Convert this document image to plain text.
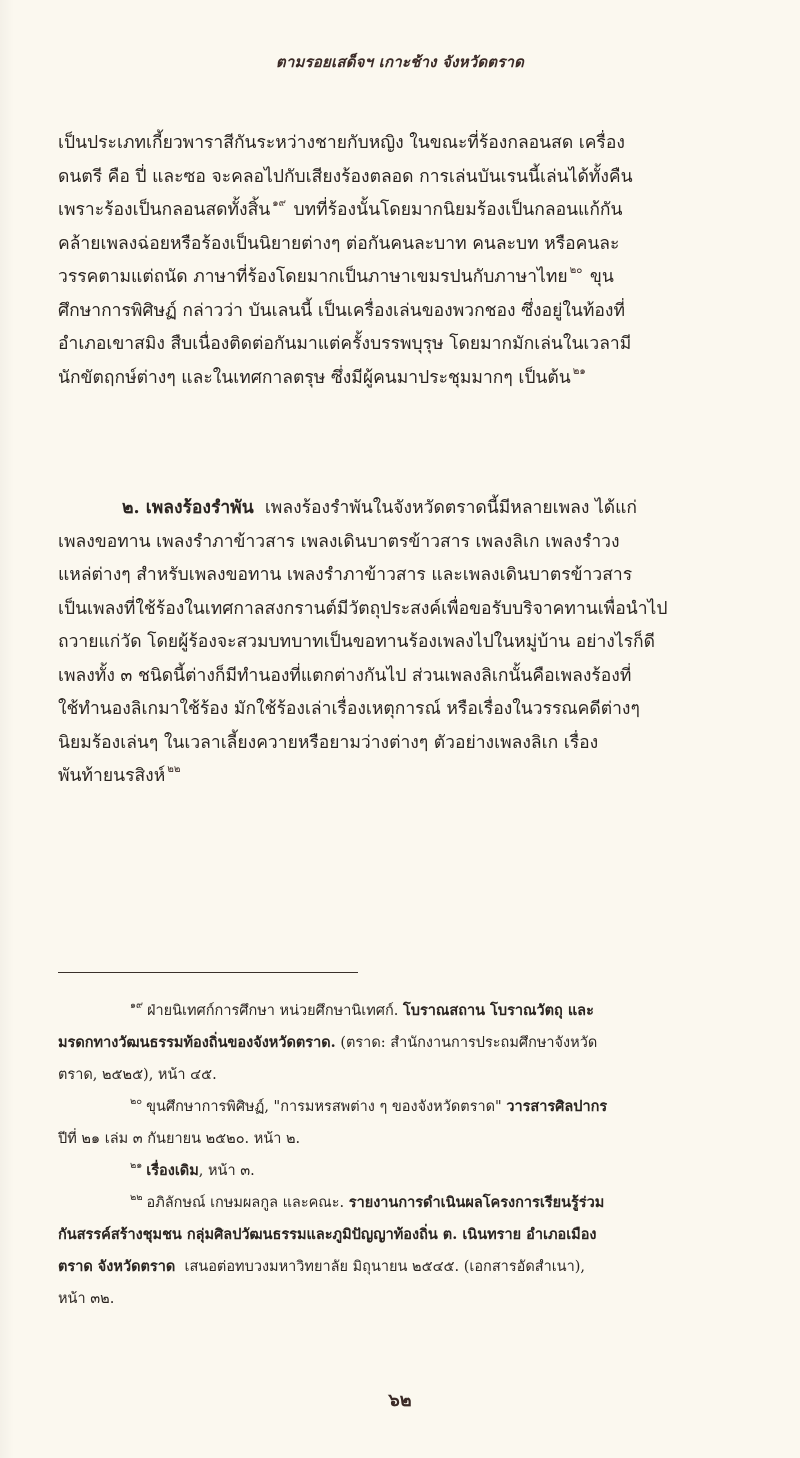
ตามรอยเสด็จฯ เกาะช้าง จังหวัดตราด
เป็นประเภทเกี้ยวพาราสีกันระหว่างชายกับหญิง ในขณะที่ร้องกลอนสด เครื่อง
ดนตรี คือ ปี่ และซอ จะคลอไปกับเสียงร้องตลอด การเล่นบันเรนนี้เล่นได้ทั้งคืน
เพราะร้องเป็นกลอนสดทั้งสิ้น $^{๑๙}$ บทที่ร้องนั้นโดยมากนิยมร้องเป็นกลอนแก้กัน
คล้ายเพลงฉ่อยหรือร้องเป็นนิยายต่างๆ ต่อกันคนละบาท คนละบท หรือคนละ
วรรคตามแต่ถนัด ภาษาที่ร้องโดยมากเป็นภาษาเขมรปนกับภาษาไทย $^{๒๐}$ ขุน
ศึกษาการพิศิษฏ์ กล่าวว่า บันเลนนี้ เป็นเครื่องเล่นของพวกชอง ซึ่งอยู่ในท้องที่
อำเภอเขาสมิง สืบเนื่องติดต่อกันมาแต่ครั้งบรรพบุรุษ โดยมากมักเล่นในเวลามี
นักขัตฤกษ์ต่างๆ และในเทศกาลตรุษ ซึ่งมีผู้คนมาประชุมมากๆ เป็นต้น $^{๒๑}$
๒. เพลงร้องรำพัน เพลงร้องรำพันในจังหวัดตราดนี้มีหลายเพลง ได้แก่
เพลงขอทาน เพลงรำภาข้าวสาร เพลงเดินบาตรข้าวสาร เพลงลิเก เพลงรำวง
แหล่ต่างๆ สำหรับเพลงขอทาน เพลงรำภาข้าวสาร และเพลงเดินบาตรข้าวสาร
เป็นเพลงที่ใช้ร้องในเทศกาลสงกรานต์มีวัตถุประสงค์เพื่อขอรับบริจาคทานเพื่อนำไป
ถวายแก่วัด โดยผู้ร้องจะสวมบทบาทเป็นขอทานร้องเพลงไปในหมู่บ้าน อย่างไรก็ดี
เพลงทั้ง ๓ ชนิดนี้ต่างก็มีทำนองที่แตกต่างกันไป ส่วนเพลงลิเกนั้นคือเพลงร้องที่
ใช้ทำนองลิเกมาใช้ร้อง มักใช้ร้องเล่าเรื่องเหตุการณ์ หรือเรื่องในวรรณคดีต่างๆ
นิยมร้องเล่นๆ ในเวลาเลี้ยงควายหรือยามว่างต่างๆ ตัวอย่างเพลงลิเก เรื่อง
พันท้ายนรสิงห์ $^{๒๒}$
$^{๑๙}$ ฝ่ายนิเทศก์การศึกษา หน่วยศึกษานิเทศก์. โบราณสถาน โบราณวัตถุ และ
มรดกทางวัฒนธรรมท้องถิ่นของจังหวัดตราด. (ตราด: สำนักงานการประถมศึกษาจังหวัด
ตราด, ๒๕๒๕), หน้า ๔๕.
$^{๒๐}$ ขุนศึกษาการพิศิษฏ์, "การมหรสพต่าง ๆ ของจังหวัดตราด" วารสารศิลปากร
ปีที่ ๒๑ เล่ม ๓ กันยายน ๒๕๒๐. หน้า ๒.
$^{๒๑}$ เรื่องเดิม, หน้า ๓.
$^{๒๒}$ อภิลักษณ์ เกษมผลกูล และคณะ. รายงานการดำเนินผลโครงการเรียนรู้ร่วม
กันสรรค์สร้างชุมชน กลุ่มศิลปวัฒนธรรมและภูมิปัญญาท้องถิ่น ต. เนินทราย อำเภอเมือง
ตราด จังหวัดตราด เสนอต่อทบวงมหาวิทยาลัย มิถุนายน ๒๕๔๕. (เอกสารอัดสำเนา),
หน้า ๓๒.
๖๒
